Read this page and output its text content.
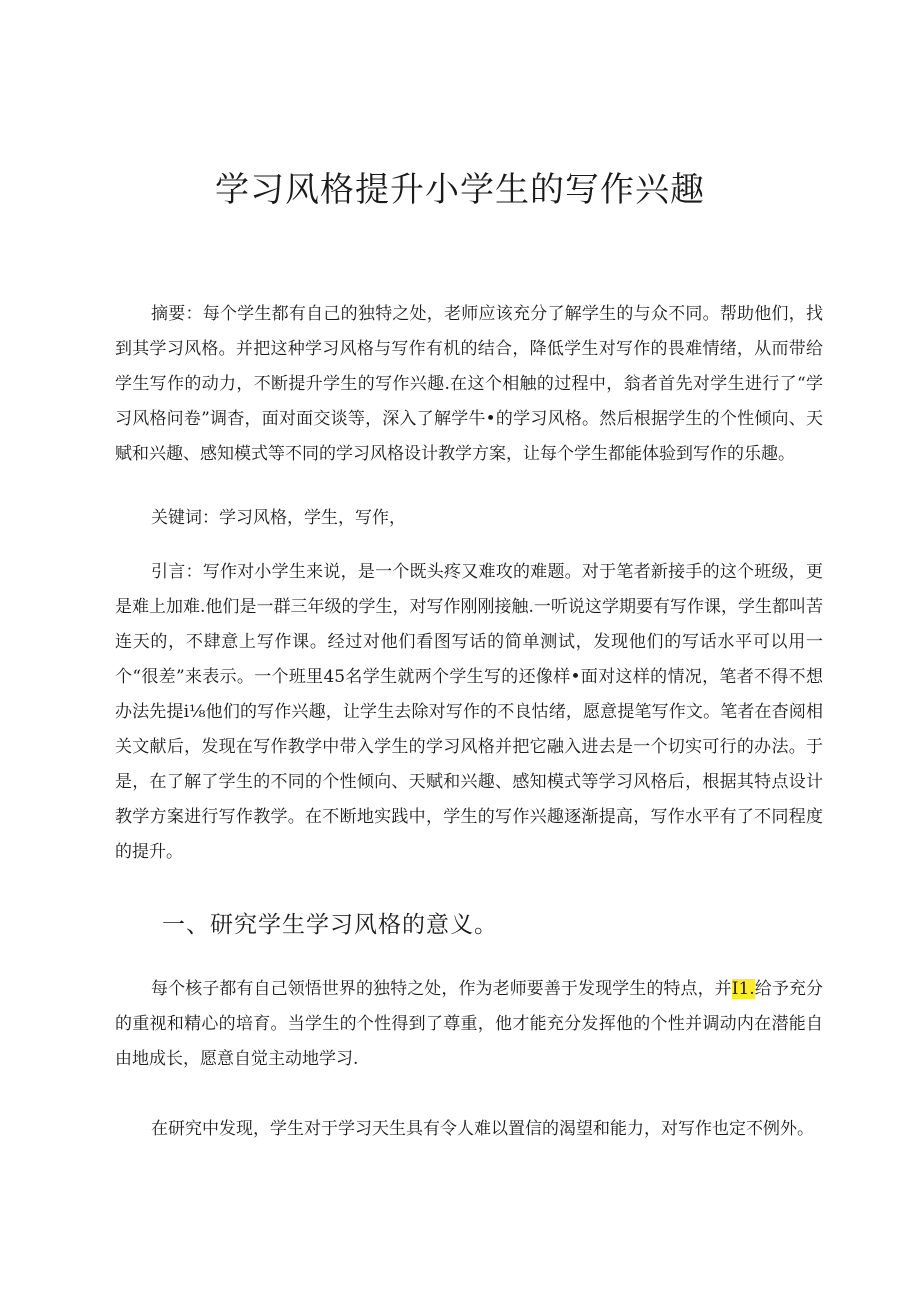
学习风格提升小学生的写作兴趣

摘要：每个学生都有自己的独特之处，老师应该充分了解学生的与众不同。帮助他们，找到其学习风格。并把这种学习风格与写作有机的结合，降低学生对写作的畏难情绪，从而带给学生写作的动力，不断提升学生的写作兴趣.在这个相触的过程中，翁者首先对学生进行了“学习风格问卷”调杳，面对面交谈等，深入了解学牛•的学习风格。然后根据学生的个性倾向、天赋和兴趣、感知模式等不同的学习风格设计教学方案，让每个学生都能体验到写作的乐趣。

关键词：学习风格，学生，写作，

引言：写作对小学生来说，是一个既头疼又难攻的难题。对于笔者新接手的这个班级，更是难上加难.他们是一群三年级的学生，对写作刚刚接触.一听说这学期要有写作课，学生都叫苦连天的，不肆意上写作课。经过对他们看图写话的简单测试，发现他们的写话水平可以用一个“很差”来表示。一个班里45名学生就两个学生写的还像样•面对这样的情况，笔者不得不想办法先提i⅛他们的写作兴趣，让学生去除对写作的不良怙绪，愿意提笔写作文。笔者在杳阅相关文献后，发现在写作教学中带入学生的学习风格并把它融入进去是一个切实可行的办法。于是，在了解了学生的不同的个性倾向、天赋和兴趣、感知模式等学习风格后，根据其特点设计教学方案进行写作教学。在不断地实践中，学生的写作兴趣逐渐提高，写作水平有了不同程度的提升。

一、研究学生学习风格的意义。

每个核子都有自己领悟世界的独特之处，作为老师要善于发现学生的特点，并I1.给予充分的重视和精心的培育。当学生的个性得到了尊重，他才能充分发挥他的个性并调动内在潜能自由地成长，愿意自觉主动地学习.

在研究中发现，学生对于学习天生具有令人难以置信的渴望和能力，对写作也定不例外。
